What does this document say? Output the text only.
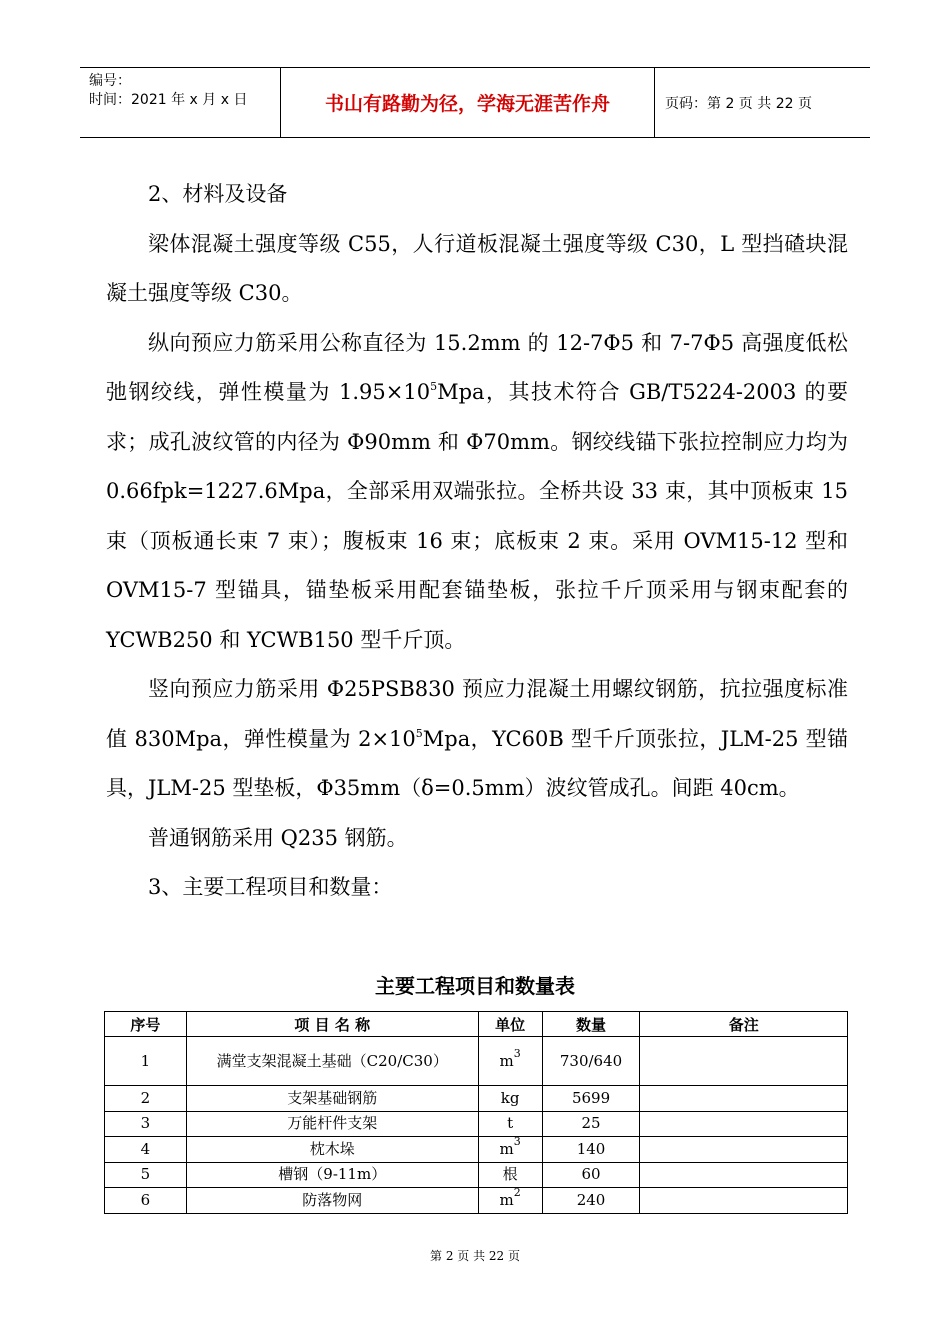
编号：
时间：2021 年 x 月 x 日	书山有路勤为径，学海无涯苦作舟	页码：第 2 页 共 22 页

2、材料及设备

梁体混凝土强度等级 C55，人行道板混凝土强度等级 C30，L 型挡碴块混凝土强度等级 C30。

纵向预应力筋采用公称直径为 15.2mm 的 12-7Φ5 和 7-7Φ5 高强度低松弛钢绞线，弹性模量为 $1.95\times 10^5Mpa$，其技术符合 GB/T5224-2003 的要求；成孔波纹管的内径为 Φ90mm 和 Φ70mm。钢绞线锚下张拉控制应力均为 0.66fpk=1227.6Mpa，全部采用双端张拉。全桥共设 33 束，其中顶板束 15 束（顶板通长束 7 束）；腹板束 16 束；底板束 2 束。采用 OVM15-12 型和 OVM15-7 型锚具，锚垫板采用配套锚垫板，张拉千斤顶采用与钢束配套的 YCWB250 和 YCWB150 型千斤顶。

竖向预应力筋采用 Φ25PSB830 预应力混凝土用螺纹钢筋，抗拉强度标准值 830Mpa，弹性模量为 $2\times 10^5Mpa$，YC60B 型千斤顶张拉，JLM-25 型锚具，JLM-25 型垫板，Φ35mm（δ=0.5mm）波纹管成孔。间距 40cm。

普通钢筋采用 Q235 钢筋。

3、主要工程项目和数量：

主要工程项目和数量表
序号	项 目 名 称	单位	数量	备注
1	满堂支架混凝土基础（C20/C30）	$m^3$	730/640	
2	支架基础钢筋	kg	5699	
3	万能杆件支架	t	25	
4	枕木垛	$m^3$	140	
5	槽钢（9-11m）	根	60	
6	防落物网	$m^2$	240	
第 2 页 共 22 页
